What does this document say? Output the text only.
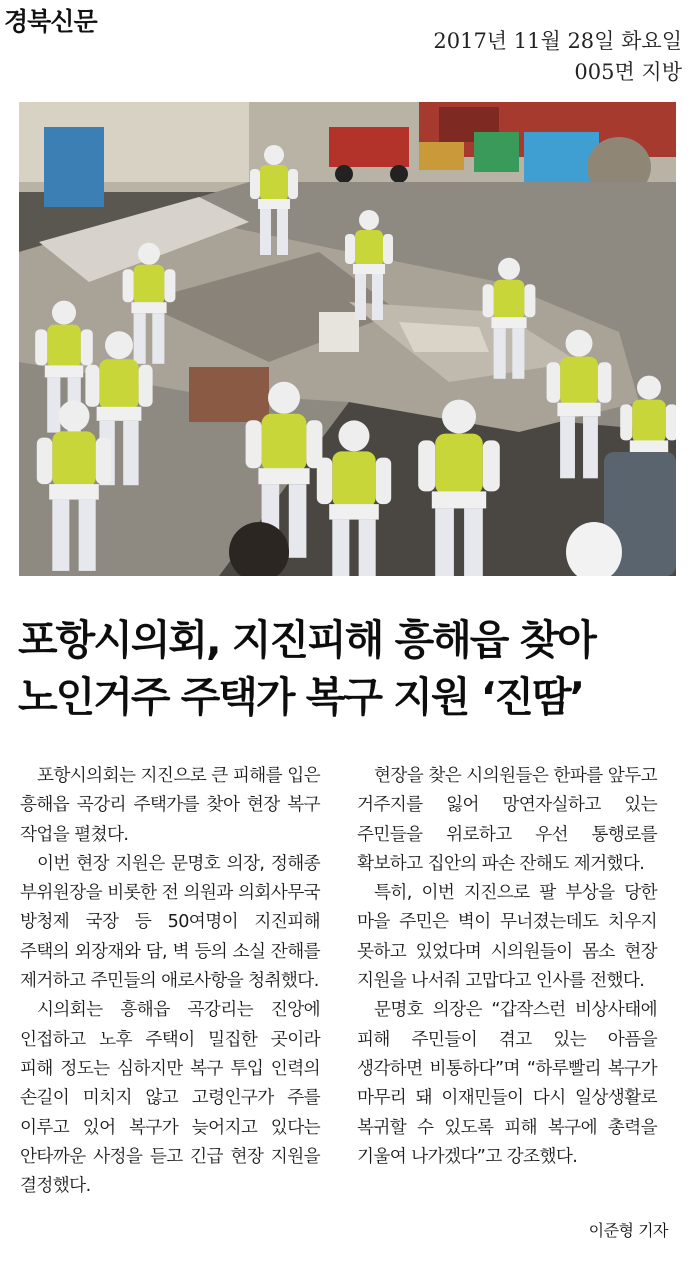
경북신문
2017년 11월 28일 화요일
005면 지방
포항시의회, 지진피해 흥해읍 찾아
노인거주 주택가 복구 지원 ‘진땀’

포항시의회는 지진으로 큰 피해를 입은 흥해읍 곡강리 주택가를 찾아 현장 복구 작업을 펼쳤다.

이번 현장 지원은 문명호 의장, 정해종 부위원장을 비롯한 전 의원과 의회사무국 방청제 국장 등 50여명이 지진피해 주택의 외장재와 담, 벽 등의 소실 잔해를 제거하고 주민들의 애로사항을 청취했다.

시의회는 흥해읍 곡강리는 진앙에 인접하고 노후 주택이 밀집한 곳이라 피해 정도는 심하지만 복구 투입 인력의 손길이 미치지 않고 고령인구가 주를 이루고 있어 복구가 늦어지고 있다는 안타까운 사정을 듣고 긴급 현장 지원을 결정했다.

현장을 찾은 시의원들은 한파를 앞두고 거주지를 잃어 망연자실하고 있는 주민들을 위로하고 우선 통행로를 확보하고 집안의 파손 잔해도 제거했다.

특히, 이번 지진으로 팔 부상을 당한 마을 주민은 벽이 무너졌는데도 치우지 못하고 있었다며 시의원들이 몸소 현장 지원을 나서줘 고맙다고 인사를 전했다.

문명호 의장은 “갑작스런 비상사태에 피해 주민들이 겪고 있는 아픔을 생각하면 비통하다”며 “하루빨리 복구가 마무리 돼 이재민들이 다시 일상생활로 복귀할 수 있도록 피해 복구에 총력을 기울여 나가겠다”고 강조했다.

이준형 기자
